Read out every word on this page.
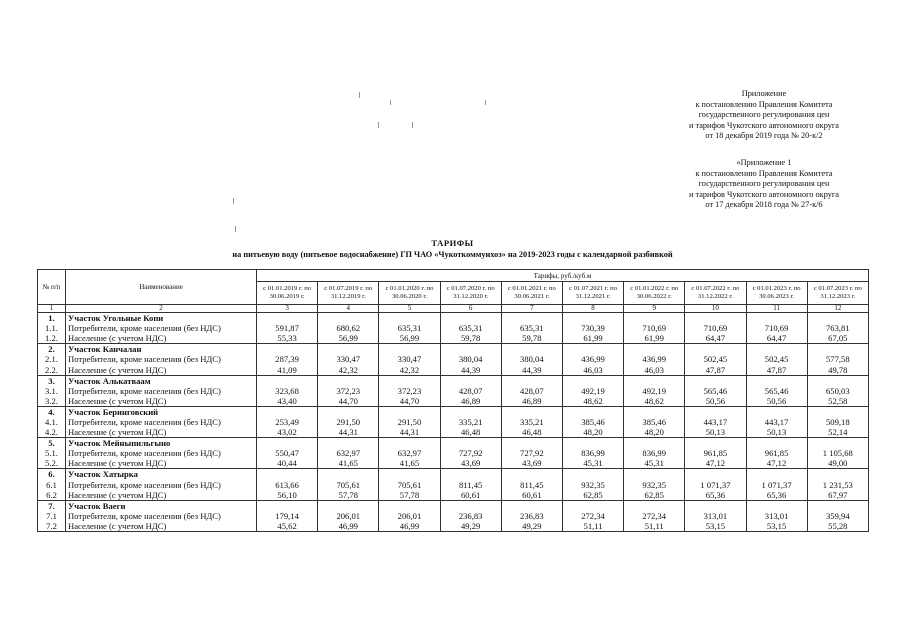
Приложение
к постановлению Правления Комитета
государственного регулирования цен
и тарифов Чукотского автономного округа
от 18 декабря 2019 года № 20-к/2
«Приложение 1
к постановлению Правления Комитета
государственного регулирования цен
и тарифов Чукотского автономного округа
от 17 декабря 2018 года № 27-к/6
ТАРИФЫ
на питьевую воду (питьевое водоснабжение) ГП ЧАО «Чукоткоммунхоз» на 2019-2023 годы с календарной разбивкой
№ п/п	Наименование	Тарифы, руб./куб.м									
		с 01.01.2019 г. по 30.06.2019 г.	с 01.07.2019 г. по 31.12.2019 г.	с 01.01.2020 г. по 30.06.2020 г.	с 01.07.2020 г. по 31.12.2020 г.	с 01.01.2021 г. по 30.06.2021 г.	с 01.07.2021 г. по 31.12.2021 г.	с 01.01.2022 г. по 30.06.2022 г.	с 01.07.2022 г. по 31.12.2022 г.	с 01.01.2023 г. по 30.06.2023 г.	с 01.07.2023 г. по 31.12.2023 г.
1	2	3	4	5	6	7	8	9	10	11	12
1.	Участок Угольные Копи										
1.1.	Потребители, кроме населения (без НДС)	591,87	680,62	635,31	635,31	635,31	730,39	710,69	710,69	710,69	763,81
1.2.	Население (с учетом НДС)	55,33	56,99	56,99	59,78	59,78	61,99	61,99	64,47	64,47	67,05
2.	Участок Канчалан										
2.1.	Потребители, кроме населения (без НДС)	287,39	330,47	330,47	380,04	380,04	436,99	436,99	502,45	502,45	577,58
2.2.	Население (с учетом НДС)	41,09	42,32	42,32	44,39	44,39	46,03	46,03	47,87	47,87	49,78
3.	Участок Алькатваам										
3.1.	Потребители, кроме населения (без НДС)	323,68	372,23	372,23	428,07	428,07	492,19	492,19	565,46	565,46	650,03
3.2.	Население (с учетом НДС)	43,40	44,70	44,70	46,89	46,89	48,62	48,62	50,56	50,56	52,58
4.	Участок Беринговский										
4.1.	Потребители, кроме населения (без НДС)	253,49	291,50	291,50	335,21	335,21	385,46	385,46	443,17	443,17	509,18
4.2.	Население (с учетом НДС)	43,02	44,31	44,31	46,48	46,48	48,20	48,20	50,13	50,13	52,14
5.	Участок Мейныпильгыно										
5.1.	Потребители, кроме населения (без НДС)	550,47	632,97	632,97	727,92	727,92	836,99	836,99	961,85	961,85	1 105,68
5.2.	Население (с учетом НДС)	40,44	41,65	41,65	43,69	43,69	45,31	45,31	47,12	47,12	49,00
6.	Участок Хатырка										
6.1	Потребители, кроме населения (без НДС)	613,66	705,61	705,61	811,45	811,45	932,35	932,35	1 071,37	1 071,37	1 231,53
6.2	Население (с учетом НДС)	56,10	57,78	57,78	60,61	60,61	62,85	62,85	65,36	65,36	67,97
7.	Участок Ваеги										
7.1	Потребители, кроме населения (без НДС)	179,14	206,01	206,01	236,83	236,83	272,34	272,34	313,01	313,01	359,94
7.2	Население (с учетом НДС)	45,62	46,99	46,99	49,29	49,29	51,11	51,11	53,15	53,15	55,28
